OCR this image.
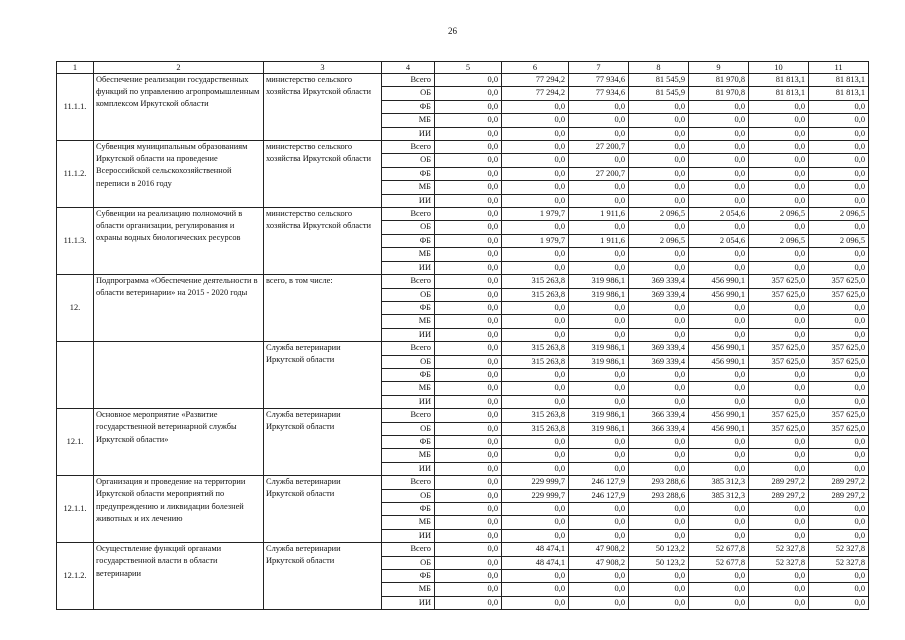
26
1	2	3	4	5	6	7	8	9	10	11
11.1.1.	Обеспечение реализации государственных функций по управлению агропромышленным комплексом Иркутской области	министерство сельского хозяйства Иркутской области	Всего	0,0	77 294,2	77 934,6	81 545,9	81 970,8	81 813,1	81 813,1
			ОБ	0,0	77 294,2	77 934,6	81 545,9	81 970,8	81 813,1	81 813,1
			ФБ	0,0	0,0	0,0	0,0	0,0	0,0	0,0
			МБ	0,0	0,0	0,0	0,0	0,0	0,0	0,0
			ИИ	0,0	0,0	0,0	0,0	0,0	0,0	0,0
11.1.2.	Субвенция муниципальным образованиям Иркутской области на проведение Всероссийской сельскохозяйственной переписи в 2016 году	министерство сельского хозяйства Иркутской области	Всего	0,0	0,0	27 200,7	0,0	0,0	0,0	0,0
			ОБ	0,0	0,0	0,0	0,0	0,0	0,0	0,0
			ФБ	0,0	0,0	27 200,7	0,0	0,0	0,0	0,0
			МБ	0,0	0,0	0,0	0,0	0,0	0,0	0,0
			ИИ	0,0	0,0	0,0	0,0	0,0	0,0	0,0
11.1.3.	Субвенции на реализацию полномочий в области организации, регулирования и охраны водных биологических ресурсов	министерство сельского хозяйства Иркутской области	Всего	0,0	1 979,7	1 911,6	2 096,5	2 054,6	2 096,5	2 096,5
			ОБ	0,0	0,0	0,0	0,0	0,0	0,0	0,0
			ФБ	0,0	1 979,7	1 911,6	2 096,5	2 054,6	2 096,5	2 096,5
			МБ	0,0	0,0	0,0	0,0	0,0	0,0	0,0
			ИИ	0,0	0,0	0,0	0,0	0,0	0,0	0,0
12.	Подпрограмма «Обеспечение деятельности в области ветеринарии» на 2015 - 2020 годы	всего, в том числе:	Всего	0,0	315 263,8	319 986,1	369 339,4	456 990,1	357 625,0	357 625,0
			ОБ	0,0	315 263,8	319 986,1	369 339,4	456 990,1	357 625,0	357 625,0
			ФБ	0,0	0,0	0,0	0,0	0,0	0,0	0,0
			МБ	0,0	0,0	0,0	0,0	0,0	0,0	0,0
			ИИ	0,0	0,0	0,0	0,0	0,0	0,0	0,0
		Служба ветеринарии Иркутской области	Всего	0,0	315 263,8	319 986,1	369 339,4	456 990,1	357 625,0	357 625,0
			ОБ	0,0	315 263,8	319 986,1	369 339,4	456 990,1	357 625,0	357 625,0
			ФБ	0,0	0,0	0,0	0,0	0,0	0,0	0,0
			МБ	0,0	0,0	0,0	0,0	0,0	0,0	0,0
			ИИ	0,0	0,0	0,0	0,0	0,0	0,0	0,0
12.1.	Основное мероприятие «Развитие государственной ветеринарной службы Иркутской области»	Служба ветеринарии Иркутской области	Всего	0,0	315 263,8	319 986,1	366 339,4	456 990,1	357 625,0	357 625,0
			ОБ	0,0	315 263,8	319 986,1	366 339,4	456 990,1	357 625,0	357 625,0
			ФБ	0,0	0,0	0,0	0,0	0,0	0,0	0,0
			МБ	0,0	0,0	0,0	0,0	0,0	0,0	0,0
			ИИ	0,0	0,0	0,0	0,0	0,0	0,0	0,0
12.1.1.	Организация и проведение на территории Иркутской области мероприятий по предупреждению и ликвидации болезней животных и их лечению	Служба ветеринарии Иркутской области	Всего	0,0	229 999,7	246 127,9	293 288,6	385 312,3	289 297,2	289 297,2
			ОБ	0,0	229 999,7	246 127,9	293 288,6	385 312,3	289 297,2	289 297,2
			ФБ	0,0	0,0	0,0	0,0	0,0	0,0	0,0
			МБ	0,0	0,0	0,0	0,0	0,0	0,0	0,0
			ИИ	0,0	0,0	0,0	0,0	0,0	0,0	0,0
12.1.2.	Осуществление функций органами государственной власти в области ветеринарии	Служба ветеринарии Иркутской области	Всего	0,0	48 474,1	47 908,2	50 123,2	52 677,8	52 327,8	52 327,8
			ОБ	0,0	48 474,1	47 908,2	50 123,2	52 677,8	52 327,8	52 327,8
			ФБ	0,0	0,0	0,0	0,0	0,0	0,0	0,0
			МБ	0,0	0,0	0,0	0,0	0,0	0,0	0,0
			ИИ	0,0	0,0	0,0	0,0	0,0	0,0	0,0
